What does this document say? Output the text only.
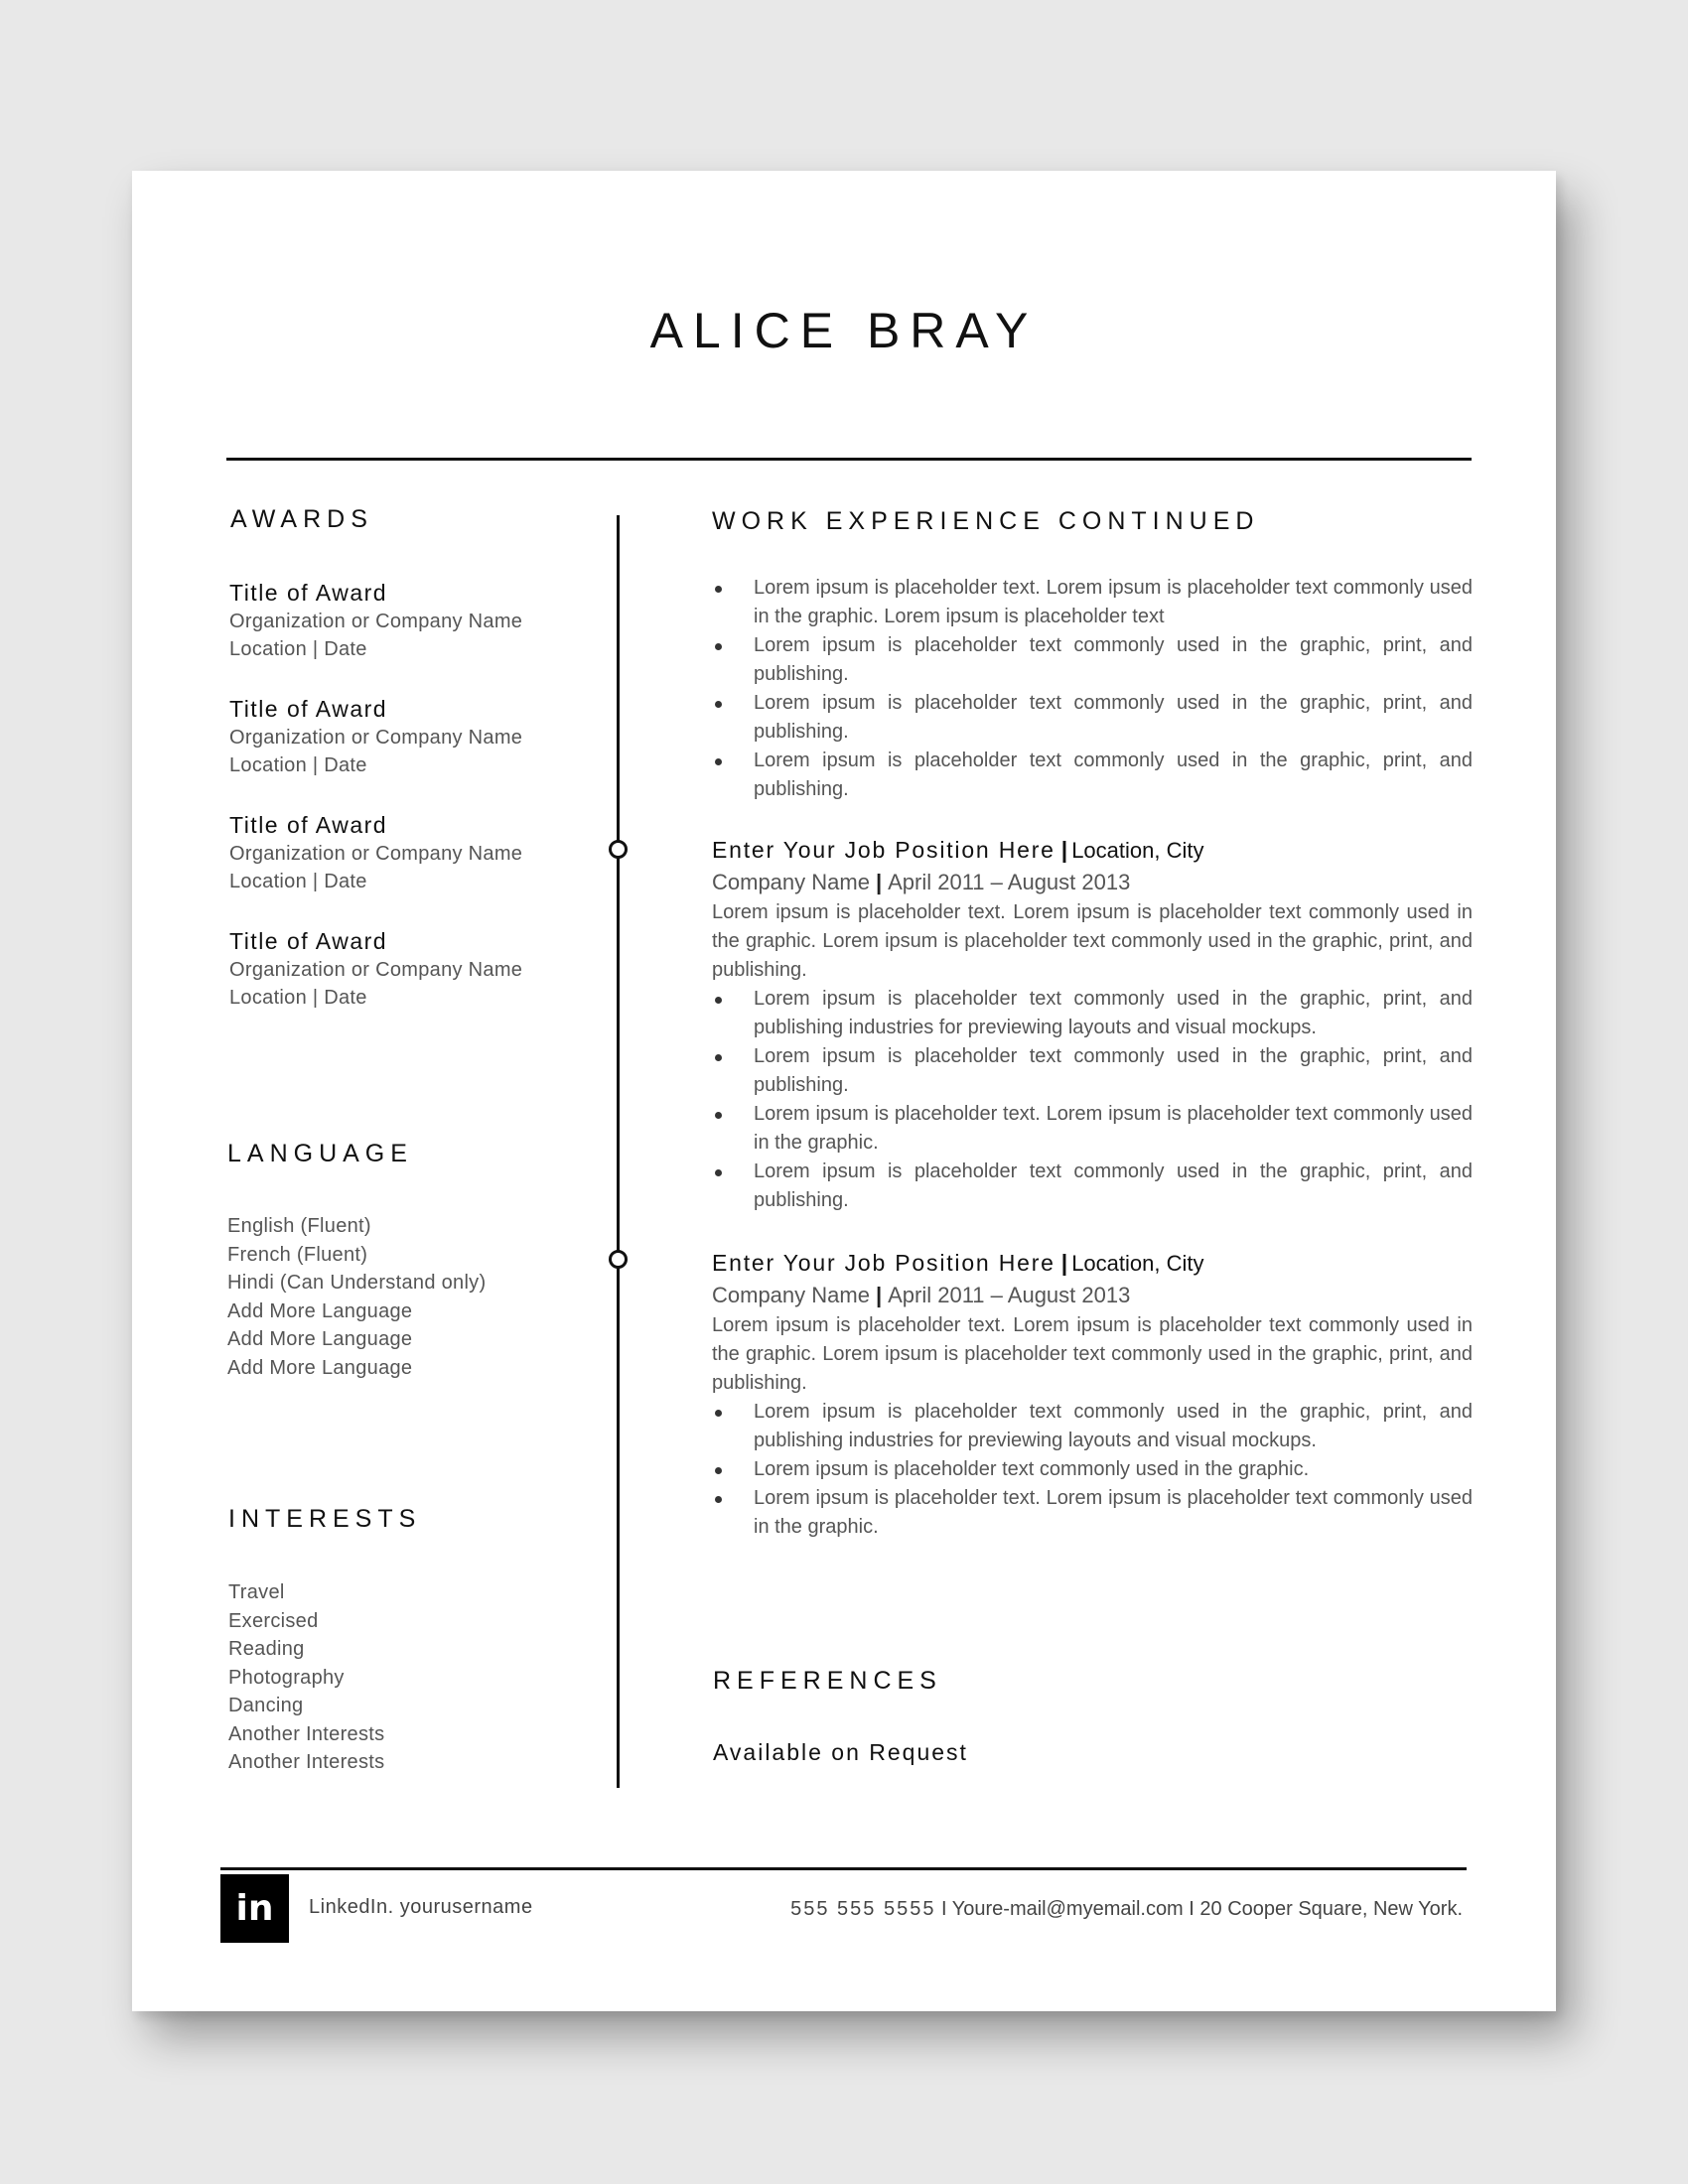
ALICE BRAY
AWARDS
Title of Award
Organization or Company Name
Location | Date
Title of Award
Organization or Company Name
Location | Date
Title of Award
Organization or Company Name
Location | Date
Title of Award
Organization or Company Name
Location | Date
LANGUAGE
English (Fluent)
French (Fluent)
Hindi (Can Understand only)
Add More Language
Add More Language
Add More Language
INTERESTS
Travel
Exercised
Reading
Photography
Dancing
Another Interests
Another Interests
WORK EXPERIENCE CONTINUED
Lorem ipsum is placeholder text. Lorem ipsum is placeholder text commonly used in the graphic. Lorem ipsum is placeholder text
Lorem ipsum is placeholder text commonly used in the graphic, print, and publishing.
Lorem ipsum is placeholder text commonly used in the graphic, print, and publishing.
Lorem ipsum is placeholder text commonly used in the graphic, print, and publishing.
Enter Your Job Position Here | Location, City
Company Name | April 2011 – August 2013

Lorem ipsum is placeholder text. Lorem ipsum is placeholder text commonly used in the graphic. Lorem ipsum is placeholder text commonly used in the graphic, print, and publishing.

Lorem ipsum is placeholder text commonly used in the graphic, print, and publishing industries for previewing layouts and visual mockups.
Lorem ipsum is placeholder text commonly used in the graphic, print, and publishing.
Lorem ipsum is placeholder text. Lorem ipsum is placeholder text commonly used in the graphic.
Lorem ipsum is placeholder text commonly used in the graphic, print, and publishing.
Enter Your Job Position Here | Location, City
Company Name | April 2011 – August 2013

Lorem ipsum is placeholder text. Lorem ipsum is placeholder text commonly used in the graphic. Lorem ipsum is placeholder text commonly used in the graphic, print, and publishing.

Lorem ipsum is placeholder text commonly used in the graphic, print, and publishing industries for previewing layouts and visual mockups.
Lorem ipsum is placeholder text commonly used in the graphic.
Lorem ipsum is placeholder text. Lorem ipsum is placeholder text commonly used in the graphic.
REFERENCES
Available on Request
in	LinkedIn. yourusername	555 555 5555 I Youre-mail@myemail.com I 20 Cooper Square, New York.
